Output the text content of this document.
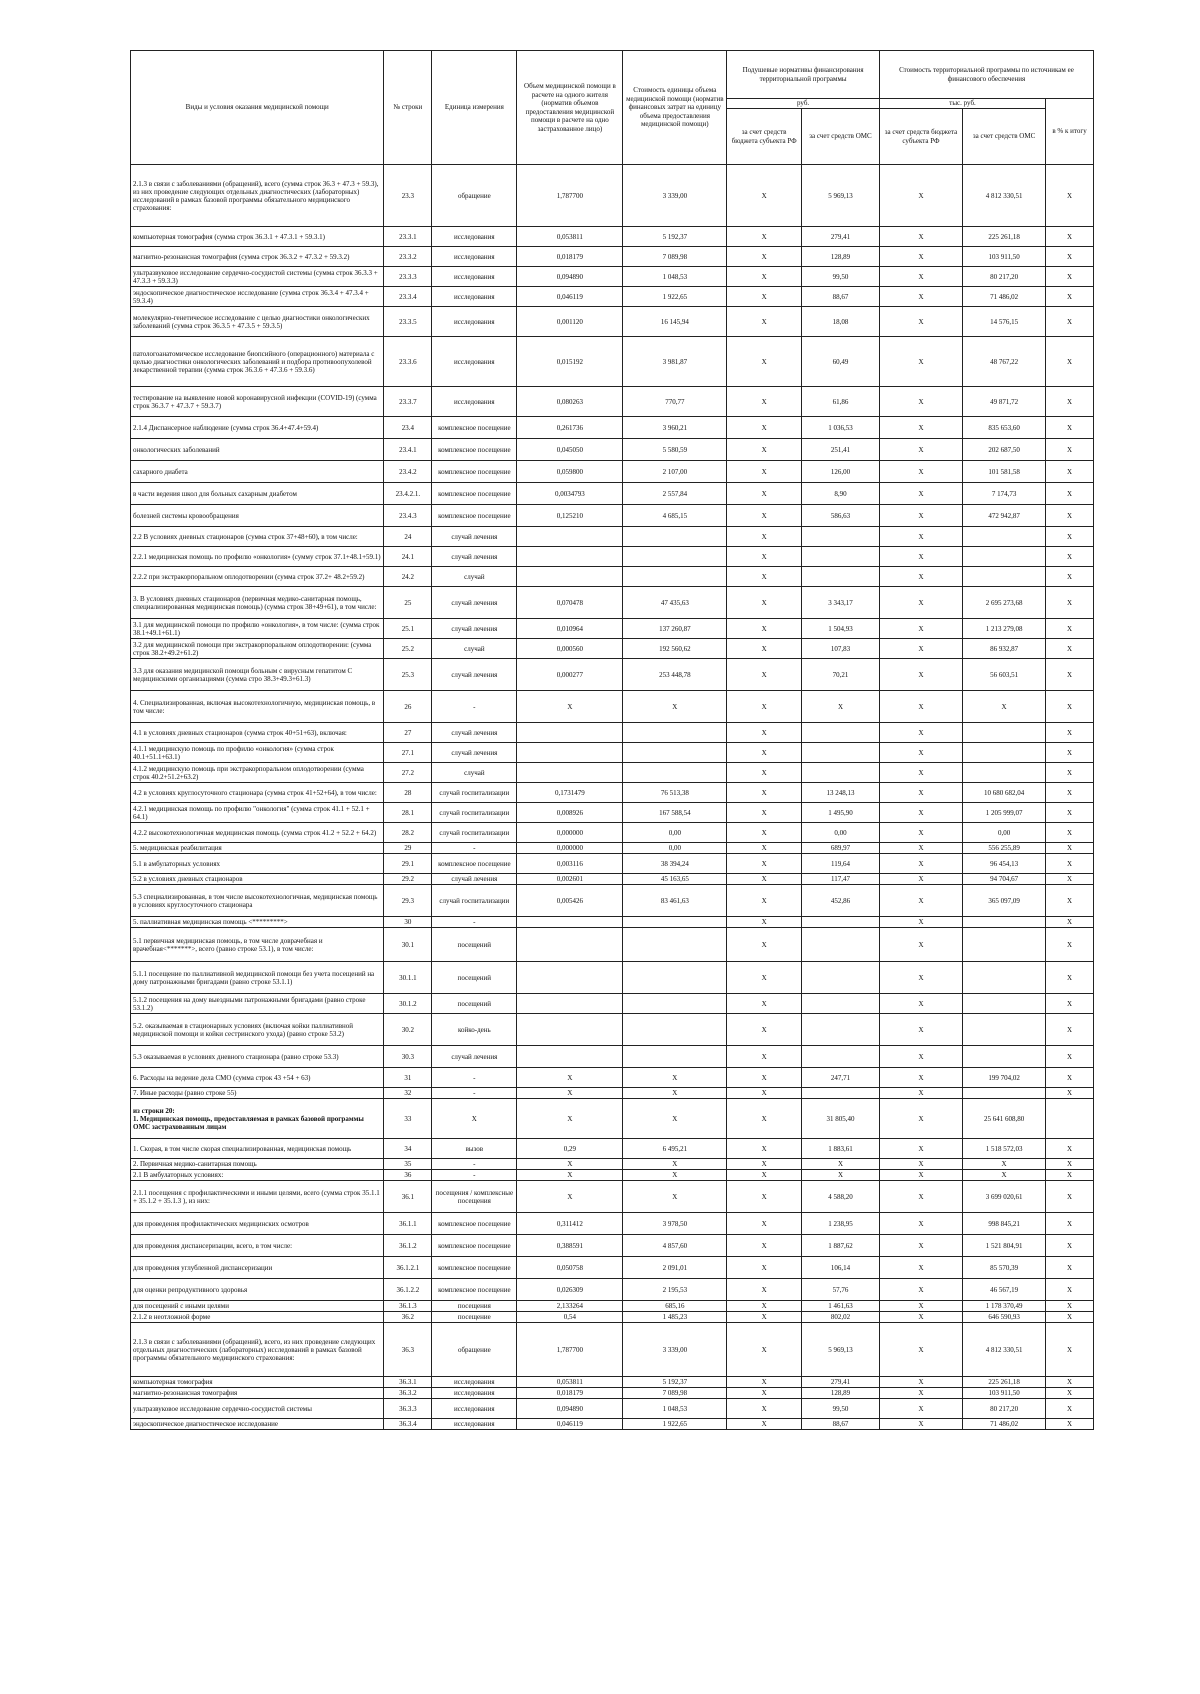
Виды и условия оказания медицинской помощи	№ строки	Единица измерения	Объем медицинской помощи в расчете на одного жителя (норматив объемов предоставления медицинской помощи в расчете на одно застрахованное лицо)	Стоимость единицы объема медицинской помощи (норматив финансовых затрат на единицу объема предоставления медицинской помощи)	Подушевые нормативы финансирования территориальной программы		Стоимость территориальной программы по источникам ее финансового обеспечения		
					руб.		тыс. руб.		в % к итогу
					за счет средств бюджета субъекта РФ	за счет средств ОМС	за счет средств бюджета субъекта РФ	за счет средств ОМС	
2.1.3 в связи с заболеваниями (обращений), всего (сумма строк 36.3 + 47.3 + 59.3), из них проведение следующих отдельных диагностических (лабораторных) исследований в рамках базовой программы обязательного медицинского страхования:	23.3	обращение	1,787700	3 339,00	Х	5 969,13	Х	4 812 330,51	Х
компьютерная томография (сумма строк 36.3.1 + 47.3.1 + 59.3.1)	23.3.1	исследования	0,053811	5 192,37	Х	279,41	Х	225 261,18	Х
магнитно-резонансная томография (сумма строк 36.3.2 + 47.3.2 + 59.3.2)	23.3.2	исследования	0,018179	7 089,98	Х	128,89	Х	103 911,50	Х
ультразвуковое исследование сердечно-сосудистой системы (сумма строк 36.3.3 + 47.3.3 + 59.3.3)	23.3.3	исследования	0,094890	1 048,53	Х	99,50	Х	80 217,20	Х
эндоскопическое диагностическое исследование (сумма строк 36.3.4 + 47.3.4 + 59.3.4)	23.3.4	исследования	0,046119	1 922,65	Х	88,67	Х	71 486,02	Х
молекулярно-генетическое исследование с целью диагностики онкологических заболеваний (сумма строк 36.3.5 + 47.3.5 + 59.3.5)	23.3.5	исследования	0,001120	16 145,94	Х	18,08	Х	14 576,15	Х
патологоанатомическое исследование биопсийного (операционного) материала с целью диагностики онкологических заболеваний и подбора противоопухолевой лекарственной терапии (сумма строк 36.3.6 + 47.3.6 + 59.3.6)	23.3.6	исследования	0,015192	3 981,87	Х	60,49	Х	48 767,22	Х
тестирование на выявление новой коронавирусной инфекции (COVID-19) (сумма строк 36.3.7 + 47.3.7 + 59.3.7)	23.3.7	исследования	0,080263	770,77	Х	61,86	Х	49 871,72	Х
2.1.4 Диспансерное наблюдение (сумма строк 36.4+47.4+59.4)	23.4	комплексное посещение	0,261736	3 960,21	Х	1 036,53	Х	835 653,60	Х
онкологических заболеваний	23.4.1	комплексное посещение	0,045050	5 580,59	Х	251,41	Х	202 687,50	Х
сахарного диабета	23.4.2	комплексное посещение	0,059800	2 107,00	Х	126,00	Х	101 581,58	Х
в части ведения школ для больных сахарным диабетом	23.4.2.1.	комплексное посещение	0,0034793	2 557,84	Х	8,90	Х	7 174,73	Х
болезней системы кровообращения	23.4.3	комплексное посещение	0,125210	4 685,15	Х	586,63	Х	472 942,87	Х
2.2 В условиях дневных стационаров (сумма строк 37+48+60), в том числе:	24	случай лечения			Х		Х		Х
2.2.1 медицинская помощь по профилю «онкология» (сумму строк 37.1+48.1+59.1)	24.1	случай лечения			Х		Х		Х
2.2.2 при экстракорпоральном оплодотворении (сумма строк 37.2+ 48.2+59.2)	24.2	случай			Х		Х		Х
3. В условиях дневных стационаров (первичная медико-санитарная помощь, специализированная медицинская помощь) (сумма строк 38+49+61), в том числе:	25	случай лечения	0,070478	47 435,63	Х	3 343,17	Х	2 695 273,68	Х
3.1 для медицинской помощи по профилю «онкология», в том числе: (сумма строк 38.1+49.1+61.1)	25.1	случай лечения	0,010964	137 260,87	Х	1 504,93	Х	1 213 279,08	Х
3.2 для медицинской помощи при экстракорпоральном оплодотворении: (сумма строк 38.2+49.2+61.2)	25.2	случай	0,000560	192 560,62	Х	107,83	Х	86 932,87	Х
3.3 для оказания медицинской помощи больным с вирусным гепатитом С медицинскими организациями (сумма стро 38.3+49.3+61.3)	25.3	случай лечения	0,000277	253 448,78	Х	70,21	Х	56 603,51	Х
4. Специализированная, включая высокотехнологичную, медицинская помощь, в том числе:	26	-	Х	Х	Х	Х	Х	Х	Х
4.1 в условиях дневных стационаров (сумма строк 40+51+63), включая:	27	случай лечения			Х		Х		Х
4.1.1 медицинскую помощь по профилю «онкология» (сумма строк 40.1+51.1+63.1)	27.1	случай лечения			Х		Х		Х
4.1.2 медицинскую помощь при экстракорпоральном оплодотворении (сумма строк 40.2+51.2+63.2)	27.2	случай			Х		Х		Х
4.2 в условиях круглосуточного стационара (сумма строк 41+52+64), в том числе:	28	случай госпитализации	0,1731479	76 513,38	Х	13 248,13	Х	10 680 682,04	Х
4.2.1 медицинская помощь по профилю "онкология" (сумма строк 41.1 + 52.1 + 64.1)	28.1	случай госпитализации	0,008926	167 588,54	Х	1 495,90	Х	1 205 999,07	Х
4.2.2 высокотехнологичная медицинская помощь (сумма строк 41.2 + 52.2 + 64.2)	28.2	случай госпитализации	0,000000	0,00	Х	0,00	Х	0,00	Х
5. медицинская реабилитация	29	-	0,000000	0,00	Х	689,97	Х	556 255,89	Х
5.1 в амбулаторных условиях	29.1	комплексное посещение	0,003116	38 394,24	Х	119,64	Х	96 454,13	Х
5.2 в условиях дневных стационаров	29.2	случай лечения	0,002601	45 163,65	Х	117,47	Х	94 704,67	Х
5.3 специализированная, в том числе высокотехнологичная, медицинская помощь в условиях круглосуточного стационара	29.3	случай госпитализации	0,005426	83 461,63	Х	452,86	Х	365 097,09	Х
5. паллиативная медицинская помощь <*********>	30	-			Х		Х		Х
5.1 первичная медицинская помощь, в том числе доврачебная и врачебная<*******>, всего (равно строке 53.1), в том числе:	30.1	посещений			Х		Х		Х
5.1.1 посещение по паллиативной медицинской помощи без учета посещений на дому патронажными бригадами (равно строке 53.1.1)	30.1.1	посещений			Х		Х		Х
5.1.2 посещения на дому выездными патронажными бригадами (равно строке 53.1.2)	30.1.2	посещений			Х		Х		Х
5.2. оказываемая в стационарных условиях (включая койки паллиативной медицинской помощи и койки сестринского ухода) (равно строке 53.2)	30.2	койко-день			Х		Х		Х
5.3 оказываемая в условиях дневного стационара (равно строке 53.3)	30.3	случай лечения			Х		Х		Х
6. Расходы на ведение дела СМО (сумма строк 43 +54 + 63)	31	-	Х	Х	Х	247,71	Х	199 704,02	Х
7. Иные расходы (равно строке 55)	32	-	Х	Х	Х		Х		Х
из строки 20:
1. Медицинская помощь, предоставляемая в рамках базовой программы ОМС застрахованным лицам	33	Х	Х	Х	Х	31 805,40	Х	25 641 608,80	
1. Скорая, в том числе скорая специализированная, медицинская помощь	34	вызов	0,29	6 495,21	Х	1 883,61	Х	1 518 572,03	Х
2. Первичная медико-санитарная помощь	35	-	Х	Х	Х	Х	Х	Х	Х
2.1 В амбулаторных условиях:	36	-	Х	Х	Х	Х	Х	Х	Х
2.1.1 посещения с профилактическими и иными целями, всего (сумма строк 35.1.1 + 35.1.2 + 35.1.3 ), из них:	36.1	посещения / комплексные посещения	Х	Х	Х	4 588,20	Х	3 699 020,61	Х
для проведения профилактических медицинских осмотров	36.1.1	комплексное посещение	0,311412	3 978,50	Х	1 238,95	Х	998 845,21	Х
для проведения диспансеризации, всего, в том числе:	36.1.2	комплексное посещение	0,388591	4 857,60	Х	1 887,62	Х	1 521 804,91	Х
для проведения углубленной диспансеризации	36.1.2.1	комплексное посещение	0,050758	2 091,01	Х	106,14	Х	85 570,39	Х
для оценки репродуктивного здоровья	36.1.2.2	комплексное посещение	0,026309	2 195,53	Х	57,76	Х	46 567,19	Х
для посещений с иными целями	36.1.3	посещения	2,133264	685,16	Х	1 461,63	Х	1 178 370,49	Х
2.1.2 в неотложной форме	36.2	посещение	0,54	1 485,23	Х	802,02	Х	646 590,93	Х
2.1.3 в связи с заболеваниями (обращений), всего, из них проведение следующих отдельных диагностических (лабораторных) исследований в рамках базовой программы обязательного медицинского страхования:	36.3	обращение	1,787700	3 339,00	Х	5 969,13	Х	4 812 330,51	Х
компьютерная томография	36.3.1	исследования	0,053811	5 192,37	Х	279,41	Х	225 261,18	Х
магнитно-резонансная томография	36.3.2	исследования	0,018179	7 089,98	Х	128,89	Х	103 911,50	Х
ультразвуковое исследование сердечно-сосудистой системы	36.3.3	исследования	0,094890	1 048,53	Х	99,50	Х	80 217,20	Х
эндоскопическое диагностическое исследование	36.3.4	исследования	0,046119	1 922,65	Х	88,67	Х	71 486,02	Х
